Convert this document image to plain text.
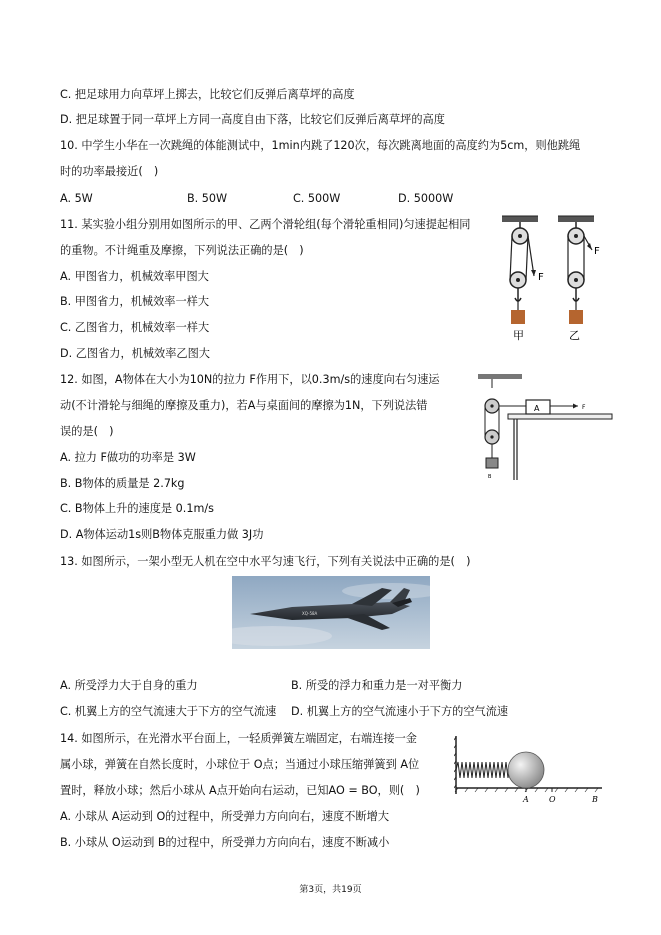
C. 把足球用力向草坪上掷去，比较它们反弹后离草坪的高度
D. 把足球置于同一草坪上方同一高度自由下落，比较它们反弹后离草坪的高度
10. 中学生小华在一次跳绳的体能测试中，1min内跳了120次，每次跳离地面的高度约为5cm，则他跳绳
时的功率最接近(　)
A. 5W	B. 50W	C. 500W	D. 5000W
11. 某实验小组分别用如图所示的甲、乙两个滑轮组(每个滑轮重相同)匀速提起相同
的重物。不计绳重及摩擦，下列说法正确的是(　)
A. 甲图省力，机械效率甲图大
B. 甲图省力，机械效率一样大
C. 乙图省力，机械效率一样大
D. 乙图省力，机械效率乙图大
12. 如图，A物体在大小为10N的拉力 F作用下，以0.3m/s的速度向右匀速运
动(不计滑轮与细绳的摩擦及重力)，若A与桌面间的摩擦为1N，下列说法错
误的是(　)
A. 拉力 F做功的功率是 3W
B. B物体的质量是 2.7kg
C. B物体上升的速度是 0.1m/s
D. A物体运动1s则B物体克服重力做 3J功
13. 如图所示，一架小型无人机在空中水平匀速飞行，下列有关说法中正确的是(　)
A. 所受浮力大于自身的重力	B. 所受的浮力和重力是一对平衡力
C. 机翼上方的空气流速大于下方的空气流速 D. 机翼上方的空气流速小于下方的空气流速
14. 如图所示，在光滑水平台面上，一轻质弹簧左端固定，右端连接一金
属小球，弹簧在自然长度时，小球位于 O点；当通过小球压缩弹簧到 A位
置时，释放小球；然后小球从 A点开始向右运动，已知AO = BO，则(　)
A. 小球从 A运动到 O的过程中，所受弹力方向向右，速度不断增大
B. 小球从 O运动到 B的过程中，所受弹力方向向右，速度不断减小
F
甲
F
乙
B
A	F
XQ-58A
A	O	B
第3页，共19页
